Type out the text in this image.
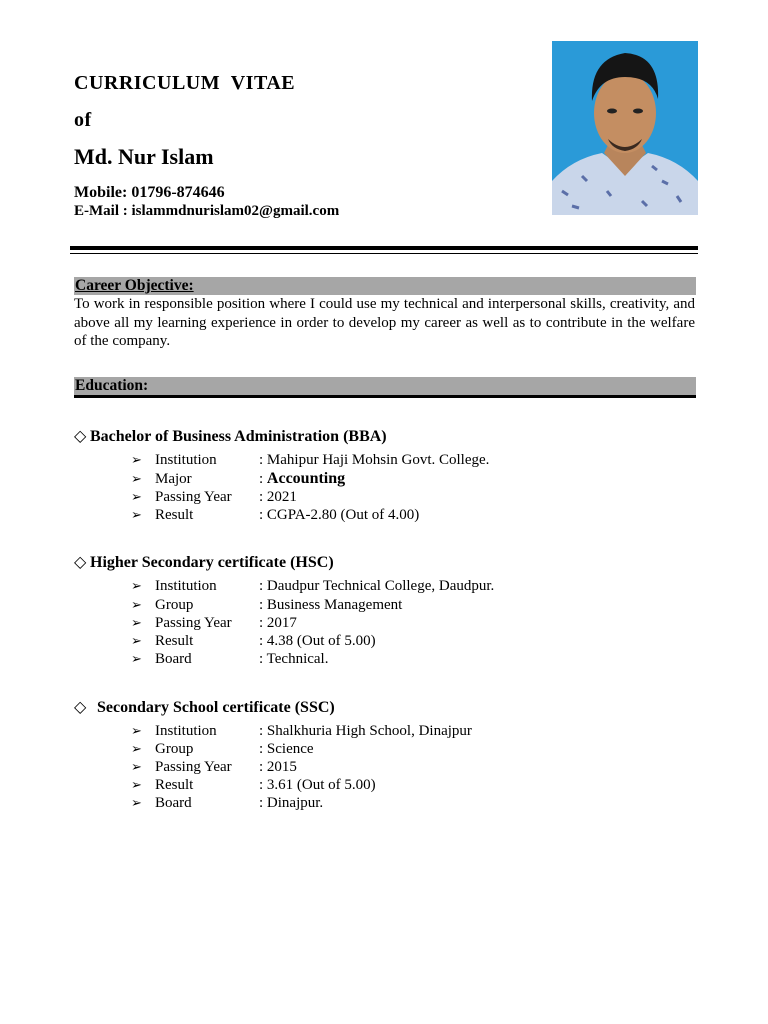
CURRICULUM  VITAE
of
Md. Nur Islam
Mobile: 01796-874646
E-Mail : islammdnurislam02@gmail.com
Career Objective:
To work in responsible position where I could use my technical and interpersonal skills, creativity, and above all my learning experience in order to develop my career as well as to contribute in the welfare of the company.
Education:
◇ Bachelor of Business Administration (BBA)
➢ Institution	: Mahipur Haji Mohsin Govt. College.
➢ Major	: Accounting
➢ Passing Year : 2021
➢ Result	: CGPA-2.80 (Out of 4.00)
◇ Higher Secondary certificate (HSC)
➢ Institution	: Daudpur Technical College, Daudpur.
➢ Group	: Business Management
➢ Passing Year : 2017
➢ Result	: 4.38 (Out of 5.00)
➢ Board	: Technical.
◇ Secondary School certificate (SSC)
➢ Institution	: Shalkhuria High School, Dinajpur
➢ Group	: Science
➢ Passing Year : 2015
➢ Result	: 3.61 (Out of 5.00)
➢ Board	: Dinajpur.
